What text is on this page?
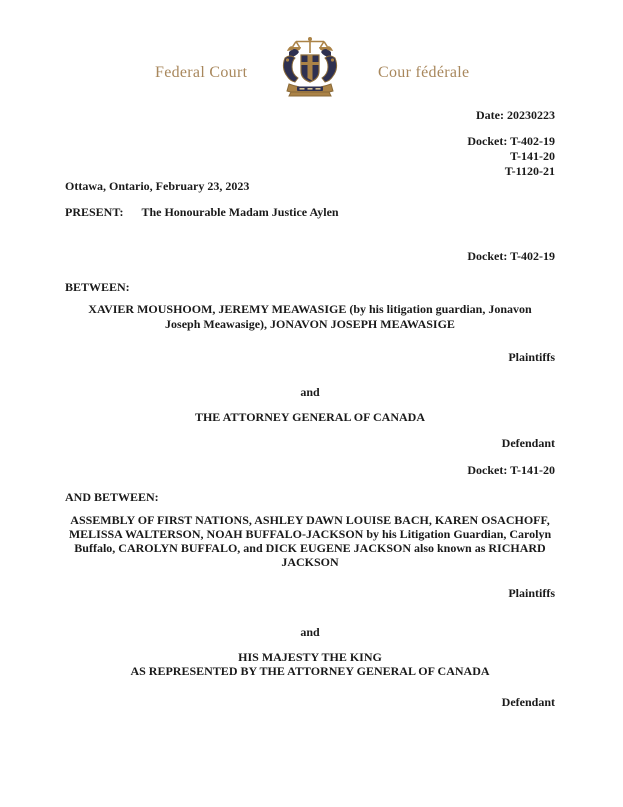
Federal Court	Cour fédérale
Date: 20230223
Docket: T-402-19
T-141-20
T-1120-21
Ottawa, Ontario, February 23, 2023
PRESENT: The Honourable Madam Justice Aylen
Docket: T-402-19
BETWEEN:
XAVIER MOUSHOOM, JEREMY MEAWASIGE (by his litigation guardian, Jonavon Joseph Meawasige), JONAVON JOSEPH MEAWASIGE
Plaintiffs
and
THE ATTORNEY GENERAL OF CANADA
Defendant
Docket: T-141-20
AND BETWEEN:
ASSEMBLY OF FIRST NATIONS, ASHLEY DAWN LOUISE BACH, KAREN OSACHOFF, MELISSA WALTERSON, NOAH BUFFALO-JACKSON by his Litigation Guardian, Carolyn Buffalo, CAROLYN BUFFALO, and DICK EUGENE JACKSON also known as RICHARD JACKSON
Plaintiffs
and
HIS MAJESTY THE KING
AS REPRESENTED BY THE ATTORNEY GENERAL OF CANADA
Defendant
